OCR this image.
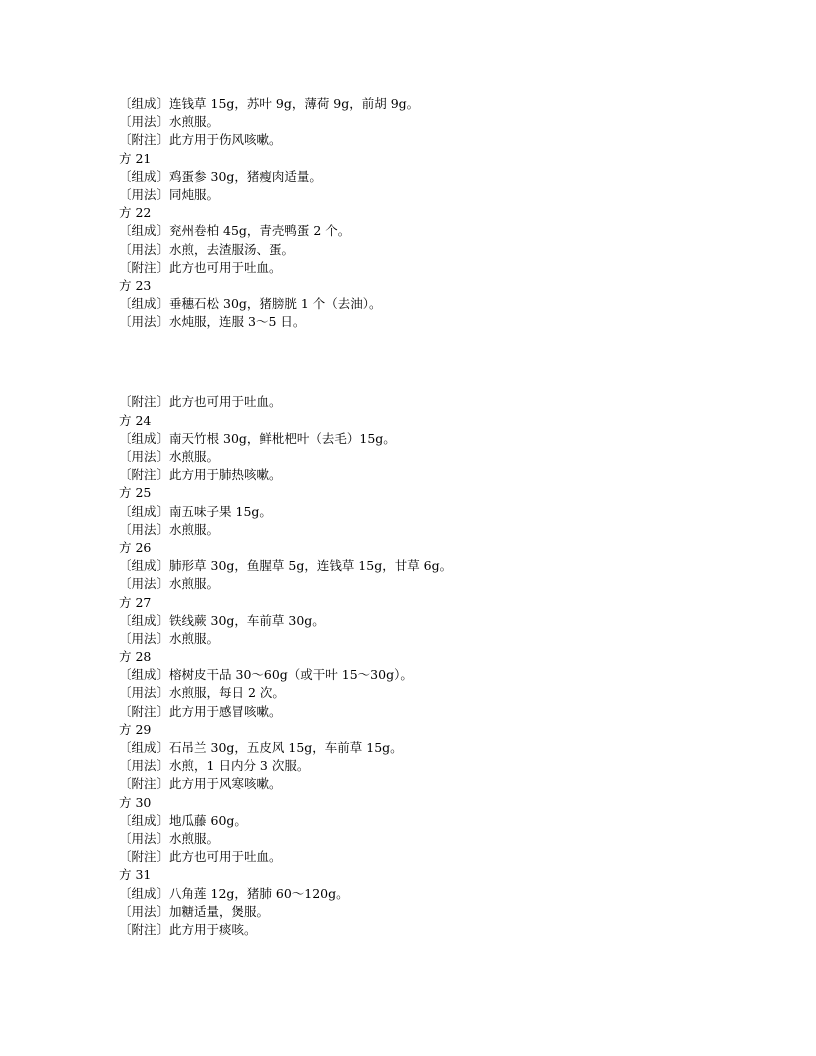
〔组成〕连钱草 15g，苏叶 9g，薄荷 9g，前胡 9g。
〔用法〕水煎服。
〔附注〕此方用于伤风咳嗽。
方 21
〔组成〕鸡蛋参 30g，猪瘦肉适量。
〔用法〕同炖服。
方 22
〔组成〕兖州卷柏 45g，青壳鸭蛋 2 个。
〔用法〕水煎，去渣服汤、蛋。
〔附注〕此方也可用于吐血。
方 23
〔组成〕垂穗石松 30g，猪膀胱 1 个（去油）。
〔用法〕水炖服，连服 3～5 日。
〔附注〕此方也可用于吐血。
方 24
〔组成〕南天竹根 30g，鲜枇杷叶（去毛）15g。
〔用法〕水煎服。
〔附注〕此方用于肺热咳嗽。
方 25
〔组成〕南五味子果 15g。
〔用法〕水煎服。
方 26
〔组成〕肺形草 30g，鱼腥草 5g，连钱草 15g，甘草 6g。
〔用法〕水煎服。
方 27
〔组成〕铁线蕨 30g，车前草 30g。
〔用法〕水煎服。
方 28
〔组成〕榕树皮干品 30～60g（或干叶 15～30g）。
〔用法〕水煎服，每日 2 次。
〔附注〕此方用于感冒咳嗽。
方 29
〔组成〕石吊兰 30g，五皮风 15g，车前草 15g。
〔用法〕水煎，1 日内分 3 次服。
〔附注〕此方用于风寒咳嗽。
方 30
〔组成〕地瓜藤 60g。
〔用法〕水煎服。
〔附注〕此方也可用于吐血。
方 31
〔组成〕八角莲 12g，猪肺 60～120g。
〔用法〕加糖适量，煲服。
〔附注〕此方用于痰咳。
